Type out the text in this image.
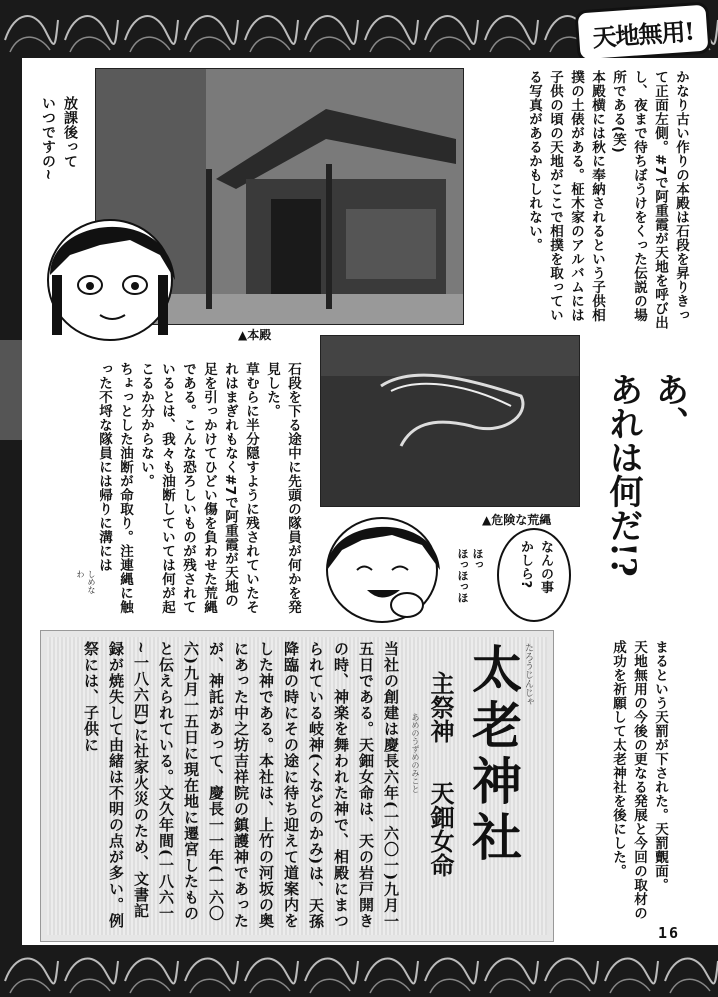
天地無用!
放課後って
いつですの~
▲本殿

かなり古い作りの本殿は石段を昇りきって正面左側。#7で阿重霞が天地を呼び出し、夜まで待ちぼうけをくった伝説の場所である(笑)

本殿横には秋に奉納されるという子供相撲の土俵がある。柾木家のアルバムには子供の頃の天地がここで相撲を取っている写真があるかもしれない。

▲危険な荒縄
なんの事
かしら?
ほっ
ほっほっほ

石段を下る途中に先頭の隊員が何かを発見した。

草むらに半分隠すように残されていたそれはまぎれもなく#7で阿重霞が天地の足を引っかけてひどい傷を負わせた荒縄である。こんな恐ろしいものが残されているとは、我々も油断していては何が起こるか分からない。

ちょっとした油断が命取り。注連縄に触った不埒な隊員には帰りに溝には

しめなわ
あ、
あれは何だ!?
たろうじんじゃ
太老神社
主祭神
あめのうずめのみこと
天鈿女命
当社の創建は慶長六年(一六〇一)九月一五日である。天鈿女命は、天の岩戸開きの時、神楽を舞われた神で、相殿にまつられている岐神(くなどのかみ)は、天孫降臨の時にその途に待ち迎えて道案内をした神である。本社は、上竹の河坂の奥にあった中之坊吉祥院の鎮護神であったが、神託があって、慶長一一年(一六〇六)九月一五日に現在地に遷宮したものと伝えられている。文久年間(一八六一~一八六四)に社家火災のため、文書記録が焼失して由緒は不明の点が多い。例祭には、子供に	まるという天罰が下された。天罰覿面。

天地無用の今後の更なる発展と今回の取材の成功を祈願して太老神社を後にした。

16
